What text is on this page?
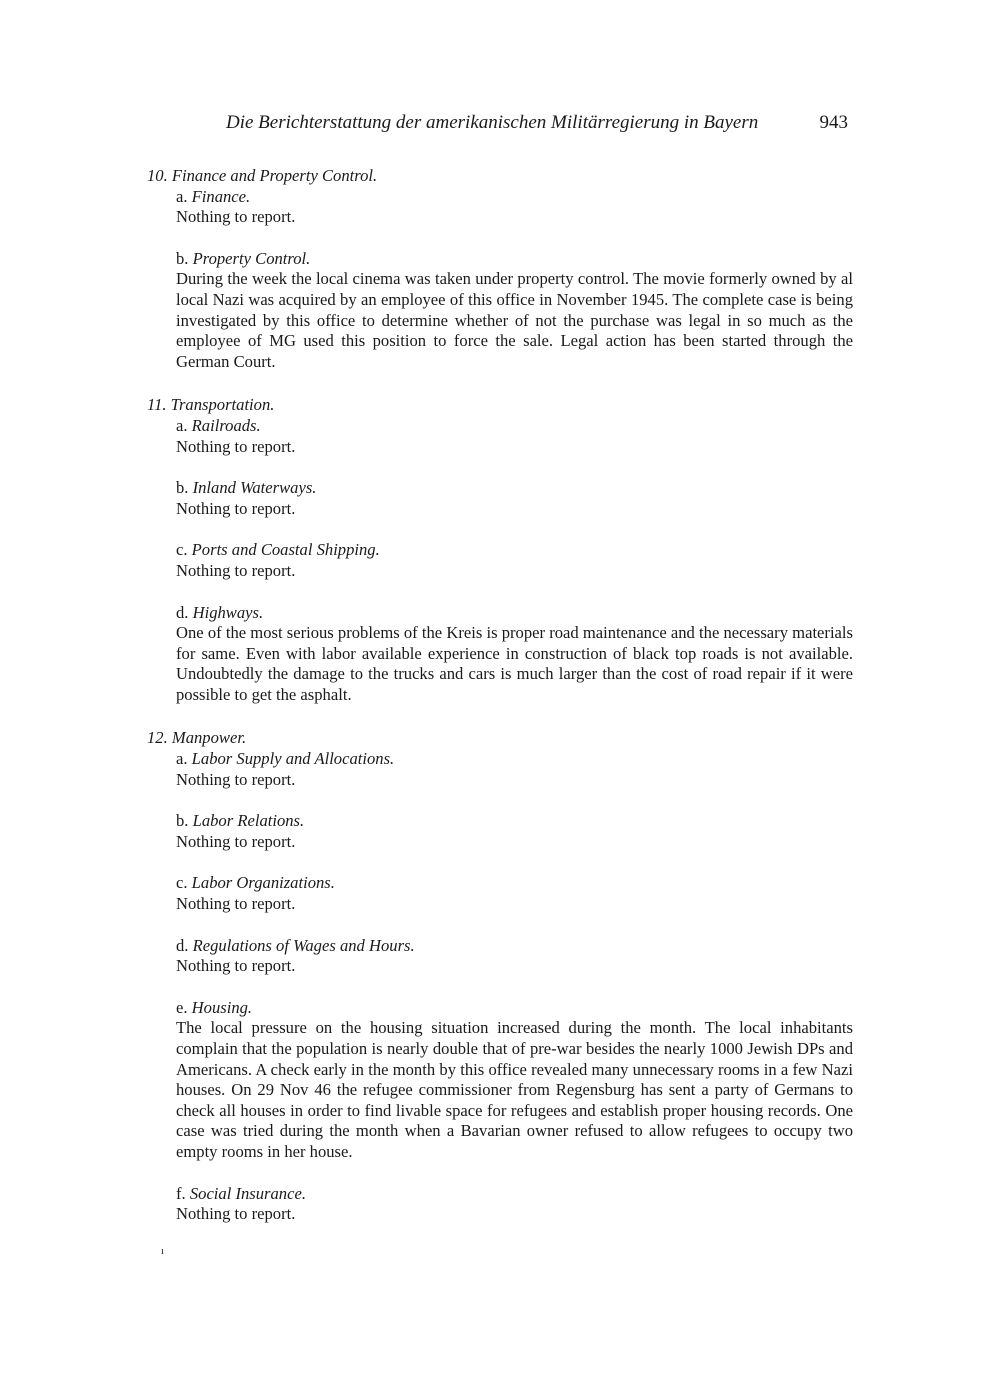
Die Berichterstattung der amerikanischen Militärregierung in Bayern	943

10. Finance and Property Control.

a. Finance.

Nothing to report.

b. Property Control.

During the week the local cinema was taken under property control. The movie formerly owned by al local Nazi was acquired by an employee of this office in November 1945. The complete case is being investigated by this office to determine whether of not the purchase was legal in so much as the employee of MG used this position to force the sale. Legal action has been started through the German Court.

11. Transportation.

a. Railroads.

Nothing to report.

b. Inland Waterways.

Nothing to report.

c. Ports and Coastal Shipping.

Nothing to report.

d. Highways.

One of the most serious problems of the Kreis is proper road maintenance and the necessary materials for same. Even with labor available experience in construction of black top roads is not available. Undoubtedly the damage to the trucks and cars is much larger than the cost of road repair if it were possible to get the asphalt.

12. Manpower.

a. Labor Supply and Allocations.

Nothing to report.

b. Labor Relations.

Nothing to report.

c. Labor Organizations.

Nothing to report.

d. Regulations of Wages and Hours.

Nothing to report.

e. Housing.

The local pressure on the housing situation increased during the month. The local inhabitants complain that the population is nearly double that of pre-war besides the nearly 1000 Jewish DPs and Americans. A check early in the month by this office revealed many unnecessary rooms in a few Nazi houses. On 29 Nov 46 the refugee commissioner from Regensburg has sent a party of Germans to check all houses in order to find livable space for refugees and establish proper housing records. One case was tried during the month when a Bavarian owner refused to allow refugees to occupy two empty rooms in her house.

f. Social Insurance.

Nothing to report.

ı
